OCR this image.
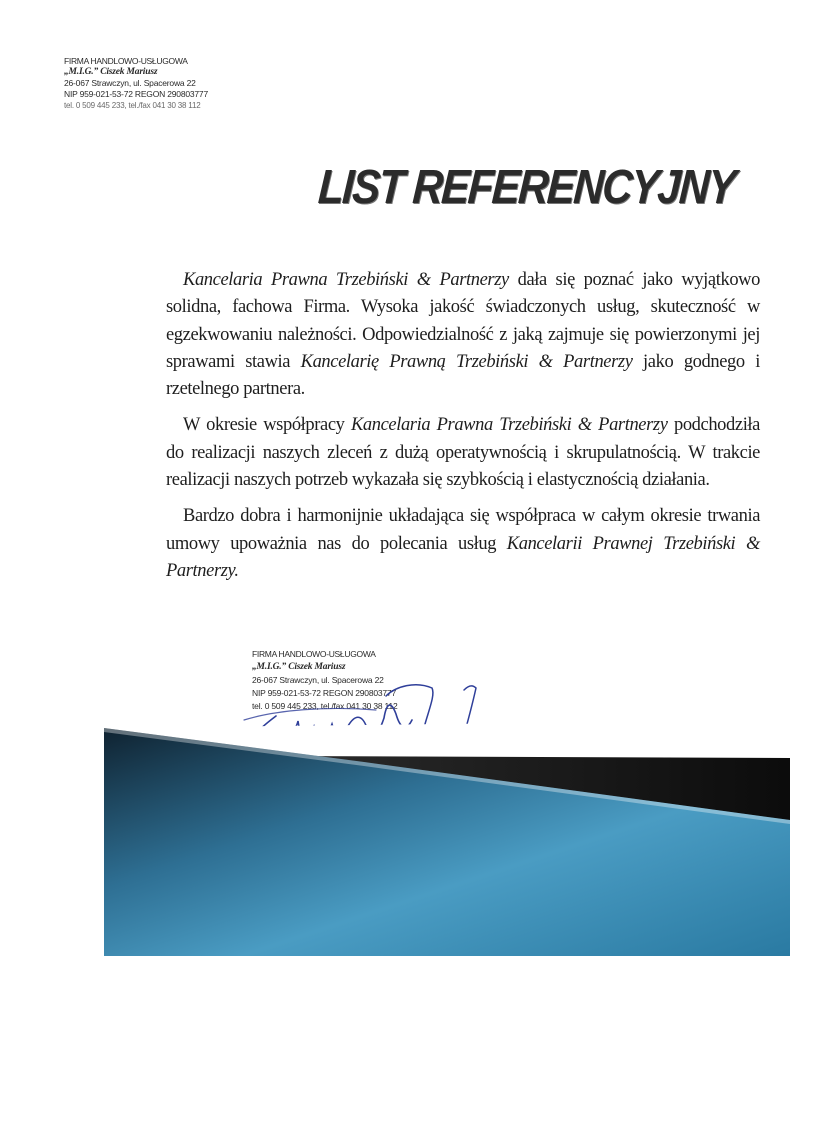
FIRMA HANDLOWO-USŁUGOWA
„M.I.G.” Ciszek Mariusz
26-067 Strawczyn, ul. Spacerowa 22
NIP 959-021-53-72 REGON 290803777
tel. 0 509 445 233, tel./fax 041 30 38 112
LIST REFERENCYJNY

Kancelaria Prawna Trzebiński & Partnerzy dała się poznać jako wyjątkowo solidna, fachowa Firma. Wysoka jakość świadczonych usług, skuteczność w egzekwowaniu należności. Odpowiedzialność z jaką zajmuje się powierzonymi jej sprawami stawia Kancelarię Prawną Trzebiński & Partnerzy jako godnego i rzetelnego partnera.

W okresie współpracy Kancelaria Prawna Trzebiński & Partnerzy podchodziła do realizacji naszych zleceń z dużą operatywnością i skrupulatnością. W trakcie realizacji naszych potrzeb wykazała się szybkością i elastycznością działania.

Bardzo dobra i harmonijnie układająca się współpraca w całym okresie trwania umowy upoważnia nas do polecania usług Kancelarii Prawnej Trzebiński & Partnerzy.

FIRMA HANDLOWO-USŁUGOWA
„M.I.G.” Ciszek Mariusz
26-067 Strawczyn, ul. Spacerowa 22
NIP 959-021-53-72 REGON 290803777
tel. 0 509 445 233, tel./fax 041 30 38 112
